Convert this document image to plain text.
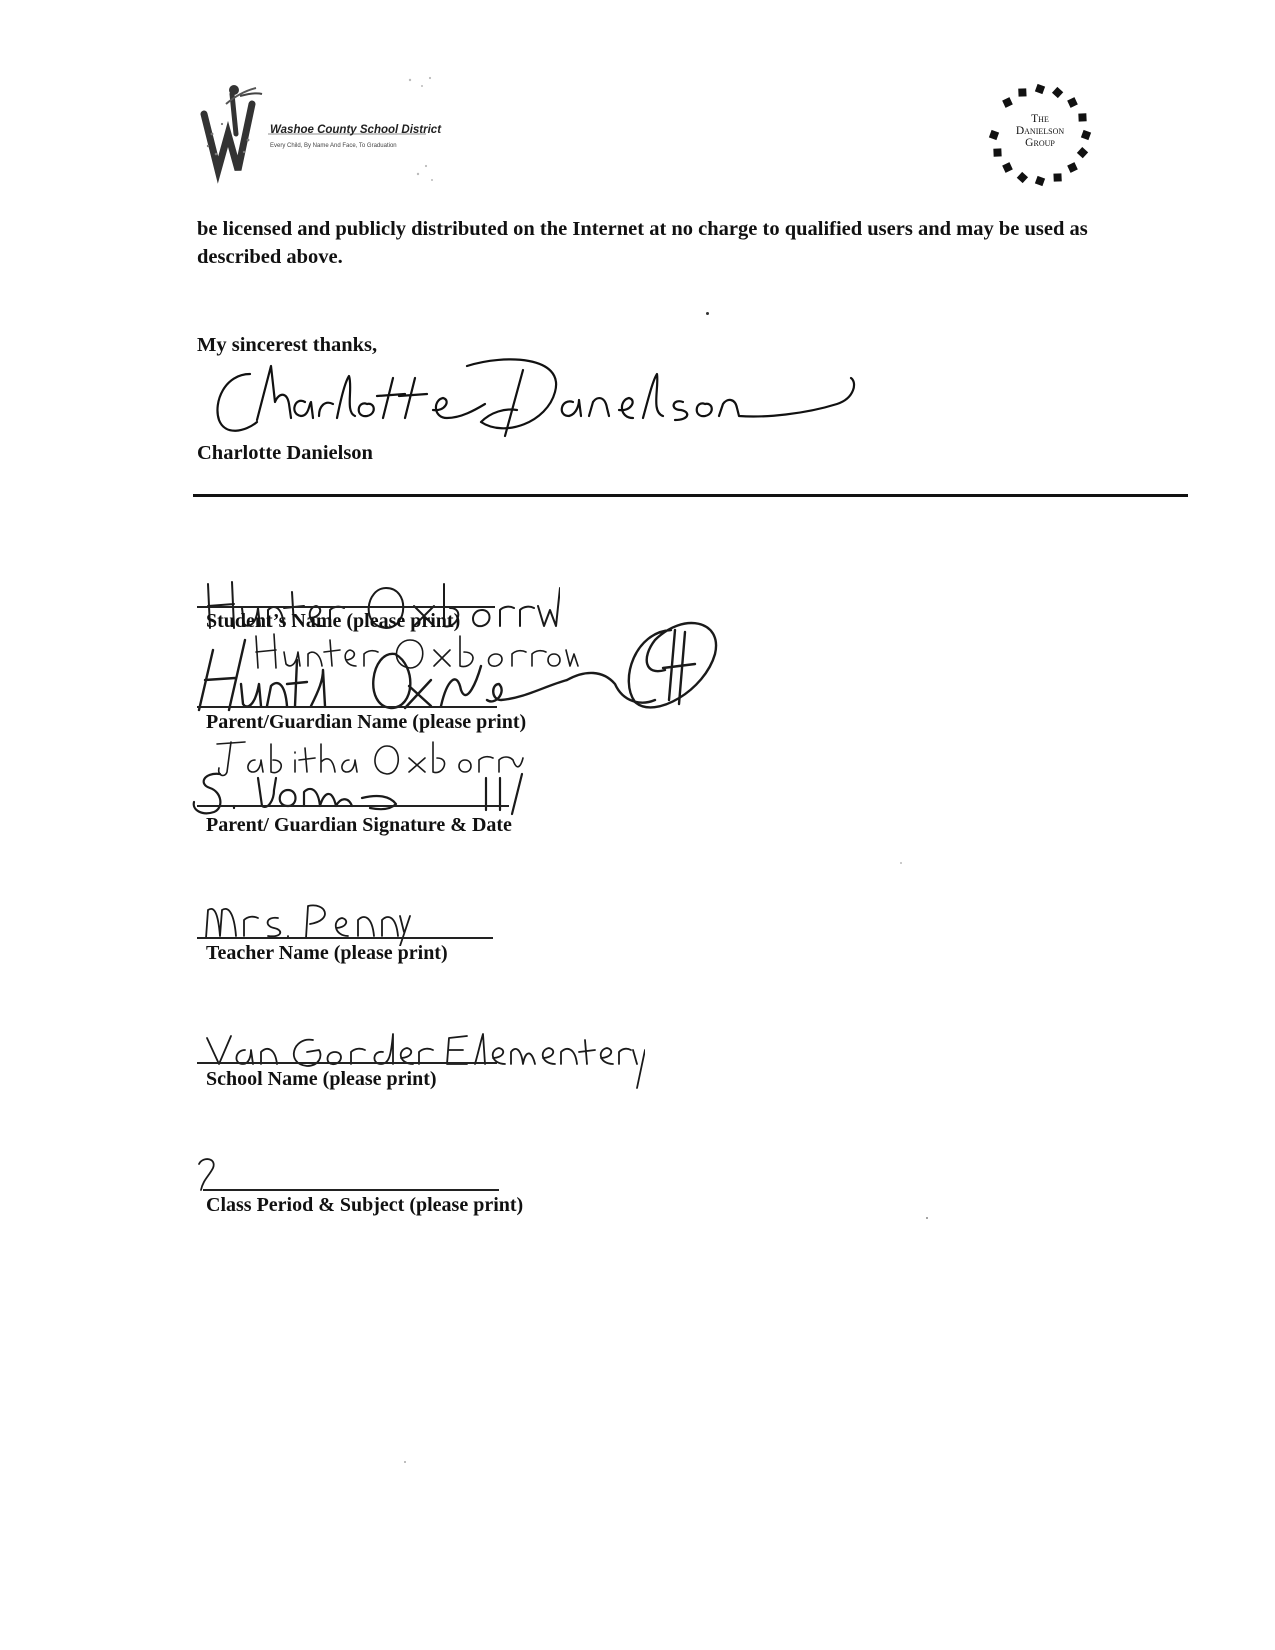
Washoe County School District
Every Child, By Name And Face, To Graduation
The
Danielson
Group
be licensed and publicly distributed on the Internet at no charge to qualified users and may be used as described above.
My sincerest thanks,
Charlotte Danielson
Student’s Name (please print)
Parent/Guardian Name (please print)
Parent/ Guardian Signature & Date
Teacher Name (please print)
School Name (please print)
Class Period & Subject (please print)
